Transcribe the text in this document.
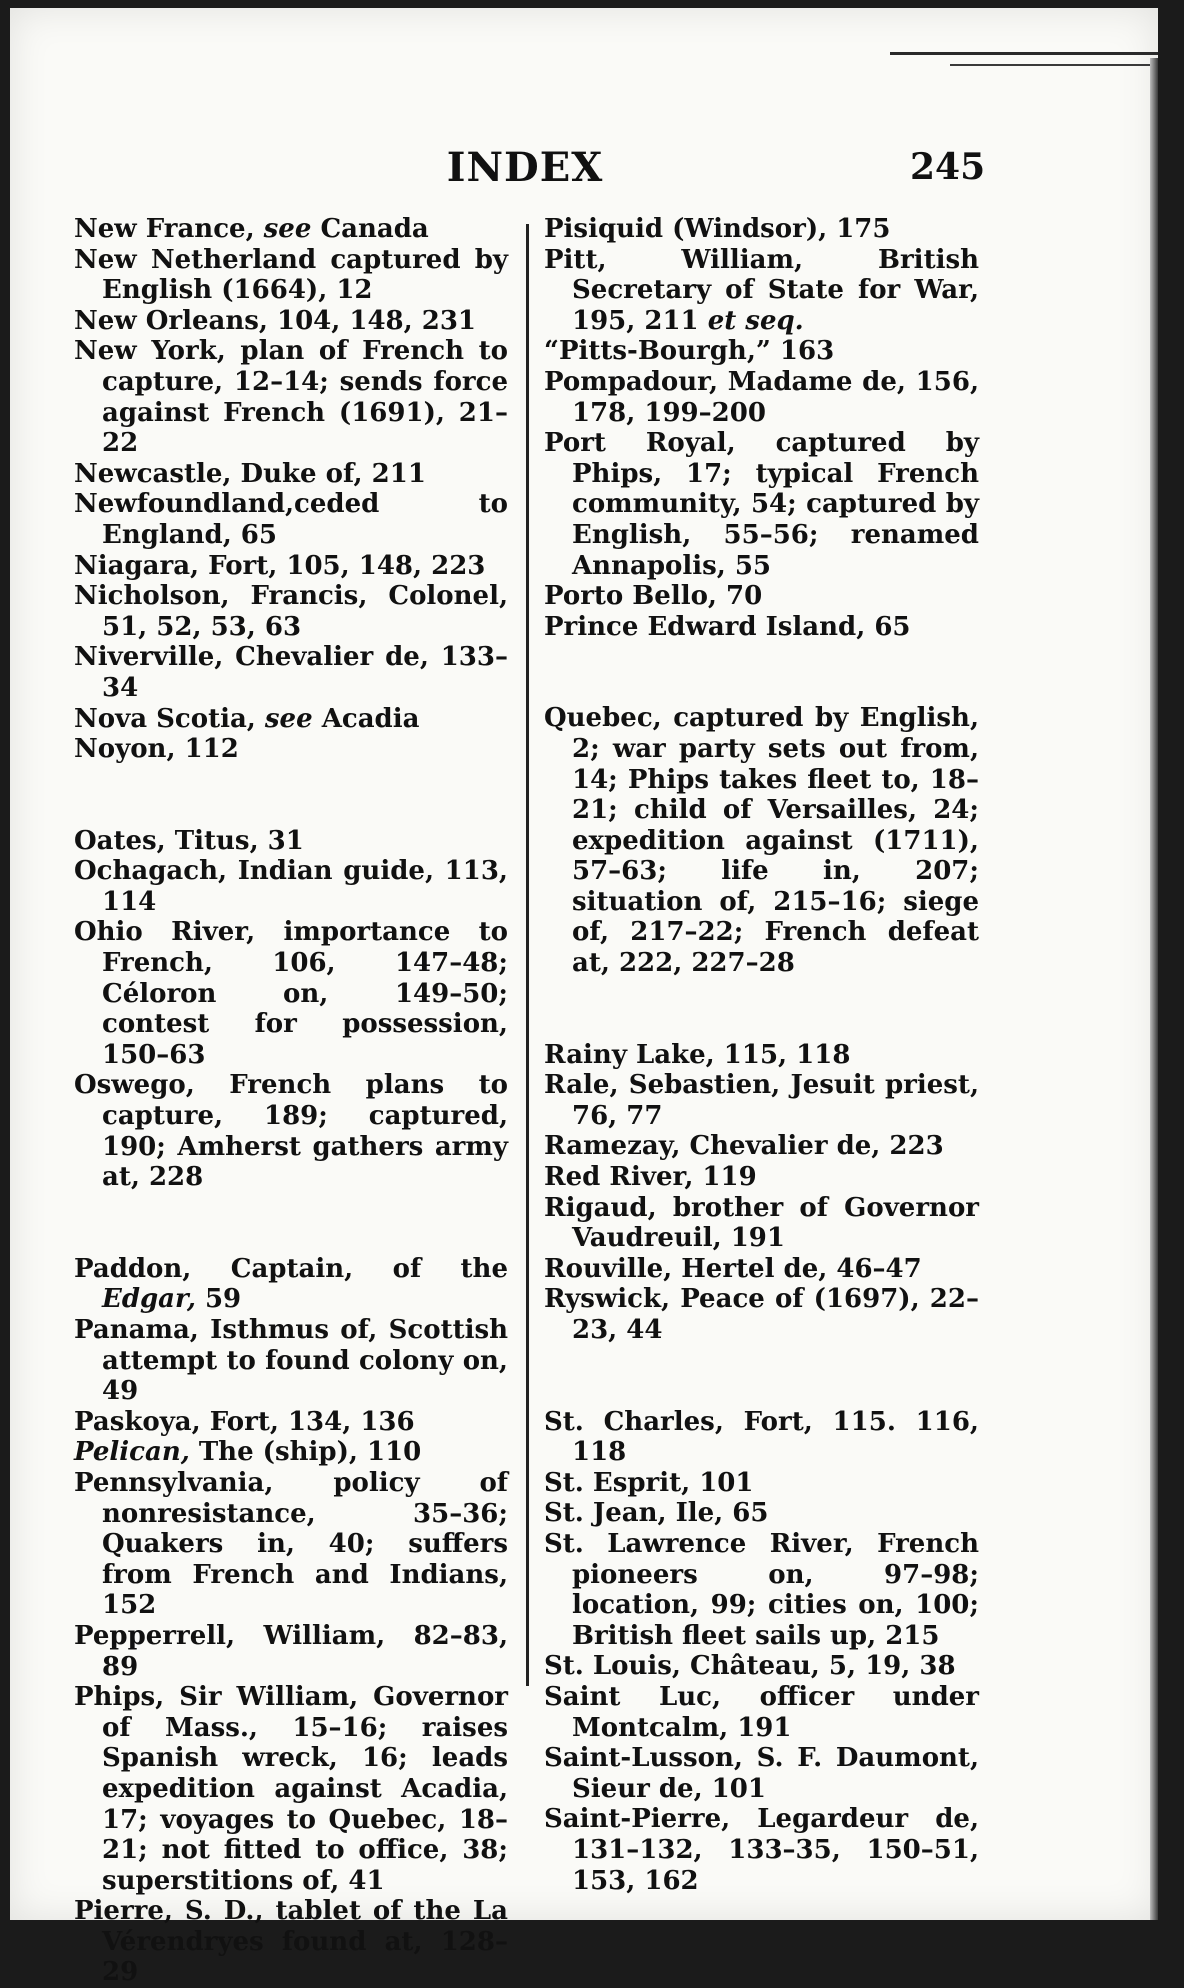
INDEX	245
New France, see Canada
New Netherland captured by English (1664), 12
New Orleans, 104, 148, 231
New York, plan of French to capture, 12–14; sends force against French (1691), 21–22
Newcastle, Duke of, 211
Newfoundland,ceded to England, 65
Niagara, Fort, 105, 148, 223
Nicholson, Francis, Colonel, 51, 52, 53, 63
Niverville, Chevalier de, 133–34
Nova Scotia, see Acadia
Noyon, 112
Oates, Titus, 31
Ochagach, Indian guide, 113, 114
Ohio River, importance to French, 106, 147–48; Céloron on, 149–50; contest for possession, 150–63
Oswego, French plans to capture, 189; captured, 190; Amherst gathers army at, 228
Paddon, Captain, of the Edgar, 59
Panama, Isthmus of, Scottish attempt to found colony on, 49
Paskoya, Fort, 134, 136
Pelican, The (ship), 110
Pennsylvania, policy of nonresistance, 35–36; Quakers in, 40; suffers from French and Indians, 152
Pepperrell, William, 82–83, 89
Phips, Sir William, Governor of Mass., 15–16; raises Spanish wreck, 16; leads expedition against Acadia, 17; voyages to Quebec, 18–21; not fitted to office, 38; superstitions of, 41
Pierre, S. D., tablet of the La Vérendryes found at, 128–29
Pisiquid (Windsor), 175
Pitt, William, British Secretary of State for War, 195, 211 et seq.
“Pitts-Bourgh,” 163
Pompadour, Madame de, 156, 178, 199–200
Port Royal, captured by Phips, 17; typical French community, 54; captured by English, 55–56; renamed Annapolis, 55
Porto Bello, 70
Prince Edward Island, 65
Quebec, captured by English, 2; war party sets out from, 14; Phips takes fleet to, 18–21; child of Versailles, 24; expedition against (1711), 57–63; life in, 207; situation of, 215–16; siege of, 217–22; French defeat at, 222, 227–28
Rainy Lake, 115, 118
Rale, Sebastien, Jesuit priest, 76, 77
Ramezay, Chevalier de, 223
Red River, 119
Rigaud, brother of Governor Vaudreuil, 191
Rouville, Hertel de, 46–47
Ryswick, Peace of (1697), 22–23, 44
St. Charles, Fort, 115. 116, 118
St. Esprit, 101
St. Jean, Ile, 65
St. Lawrence River, French pioneers on, 97–98; location, 99; cities on, 100; British fleet sails up, 215
St. Louis, Château, 5, 19, 38
Saint Luc, officer under Montcalm, 191
Saint-Lusson, S. F. Daumont, Sieur de, 101
Saint-Pierre, Legardeur de, 131–132, 133–35, 150–51, 153, 162
